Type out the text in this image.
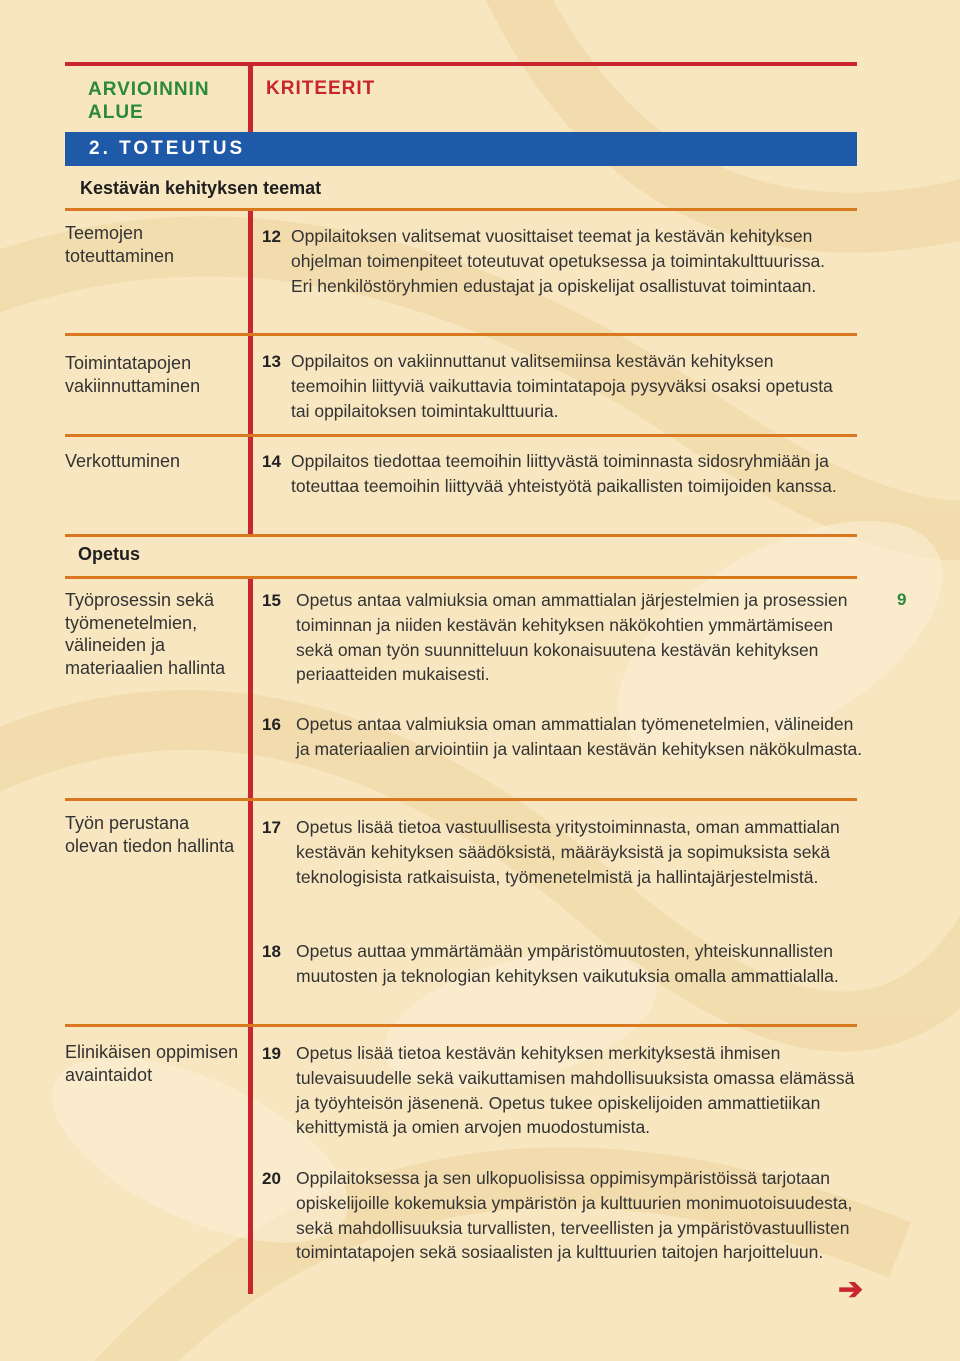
ARVIOINNIN
ALUE
KRITEERIT
2. TOTEUTUS
Kestävän kehityksen teemat
Teemojen toteuttaminen
12 Oppilaitoksen valitsemat vuosittaiset teemat ja kestävän kehityksen ohjelman toimenpiteet toteutuvat opetuksessa ja toimintakulttuurissa. Eri henkilöstöryhmien edustajat ja opiskelijat osallistuvat toimintaan.
Toimintatapojen vakiinnuttaminen
13 Oppilaitos on vakiinnuttanut valitsemiinsa kestävän kehityksen teemoihin liittyviä vaikuttavia toimintatapoja pysyväksi osaksi opetusta tai oppilaitoksen toimintakulttuuria.
Verkottuminen	14 Oppilaitos tiedottaa teemoihin liittyvästä toiminnasta sidosryhmiään ja toteuttaa teemoihin liittyvää yhteistyötä paikallisten toimijoiden kanssa.
Opetus
Työprosessin sekä työmenetelmien, välineiden ja materiaalien hallinta
15 Opetus antaa valmiuksia oman ammattialan järjestelmien ja prosessien toiminnan ja niiden kestävän kehityksen näkökohtien ymmärtämiseen sekä oman työn suunnitteluun kokonaisuutena kestävän kehityksen periaatteiden mukaisesti.
16 Opetus antaa valmiuksia oman ammattialan työmenetelmien, välineiden ja materiaalien arviointiin ja valintaan kestävän kehityksen näkökulmasta.
Työn perustana olevan tiedon hallinta
17 Opetus lisää tietoa vastuullisesta yritystoiminnasta, oman ammattialan kestävän kehityksen säädöksistä, määräyksistä ja sopimuksista sekä teknologisista ratkaisuista, työmenetelmistä ja hallintajärjestelmistä.
18 Opetus auttaa ymmärtämään ympäristömuutosten, yhteiskunnallisten muutosten ja teknologian kehityksen vaikutuksia omalla ammattialalla.
Elinikäisen oppimisen avaintaidot
19 Opetus lisää tietoa kestävän kehityksen merkityksestä ihmisen tulevaisuudelle sekä vaikuttamisen mahdollisuuksista omassa elämässä ja työyhteisön jäsenenä. Opetus tukee opiskelijoiden ammattietiikan kehittymistä ja omien arvojen muodostumista.
20 Oppilaitoksessa ja sen ulkopuolisissa oppimisympäristöissä tarjotaan opiskelijoille kokemuksia ympäristön ja kulttuurien monimuotoisuudesta, sekä mahdollisuuksia turvallisten, terveellisten ja ympäristövastuullisten toimintatapojen sekä sosiaalisten ja kulttuurien taitojen harjoitteluun.
9
➔
